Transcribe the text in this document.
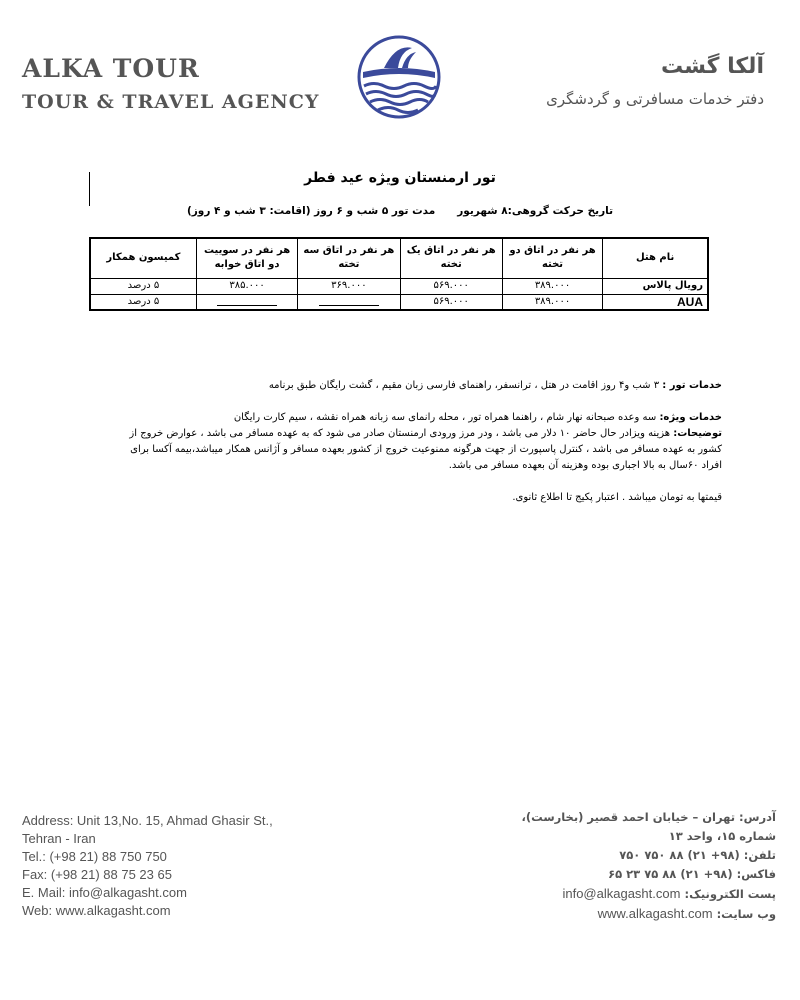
ALKA TOUR
TOUR & TRAVEL AGENCY
آلکا گشت
دفتر خدمات مسافرتی و گردشگری
تور ارمنستان ویژه عید فطر
تاریخ حرکت گروهی:۸ شهریورمدت تور ۵ شب و ۶ روز (اقامت: ۳ شب و ۴ روز)
نام هتل	هر نفر در اتاق دو تخته	هر نفر در اتاق یک تخته	هر نفر در اتاق سه تخته	هر نفر در سوییت دو اتاق خوابه	کمیسون همکار
رویال پالاس	۳۸۹.۰۰۰	۵۶۹.۰۰۰	۳۶۹.۰۰۰	۳۸۵.۰۰۰	۵ درصد
AUA	۳۸۹.۰۰۰	۵۶۹.۰۰۰			۵ درصد

خدمات تور : ۳ شب و۴ روز اقامت در هتل ، ترانسفر، راهنمای فارسی زبان مقیم ، گشت رایگان طبق برنامه

خدمات ویژه: سه وعده صبحانه نهار شام ، راهنما همراه تور ، محله رانمای سه زبانه همراه نقشه ، سیم کارت رایگان

توضیحات: هزینه ویزادر حال حاضر ۱۰ دلار می باشد ، ودر مرز ورودی ارمنستان صادر می شود که به عهده مسافر می باشد ، عوارض خروج از کشور به عهده مسافر می باشد ، کنترل پاسپورت از جهت هرگونه ممنوعیت خروج از کشور بعهده مسافر و آژانس همکار میباشد،بیمه آکسا برای افراد ۶۰سال به بالا اجباری بوده وهزینه آن بعهده مسافر می باشد.

قیمتها به تومان میباشد . اعتبار پکیج تا اطلاع ثانوی.

Address: Unit 13,No. 15, Ahmad Ghasir St.,
Tehran - Iran
Tel.: (+98 21) 88 750 750
Fax: (+98 21) 88 75 23 65
E. Mail: info@alkagasht.com
Web: www.alkagasht.com
آدرس: تهران – خیابان احمد قصیر (بخارست)،
شماره ۱۵، واحد ۱۳
تلفن: (۹۸+ ۲۱) ۸۸ ۷۵۰ ۷۵۰
فاکس: (۹۸+ ۲۱) ۸۸ ۷۵ ۲۳ ۶۵
پست الکترونیک: info@alkagasht.com
وب سایت: www.alkagasht.com
